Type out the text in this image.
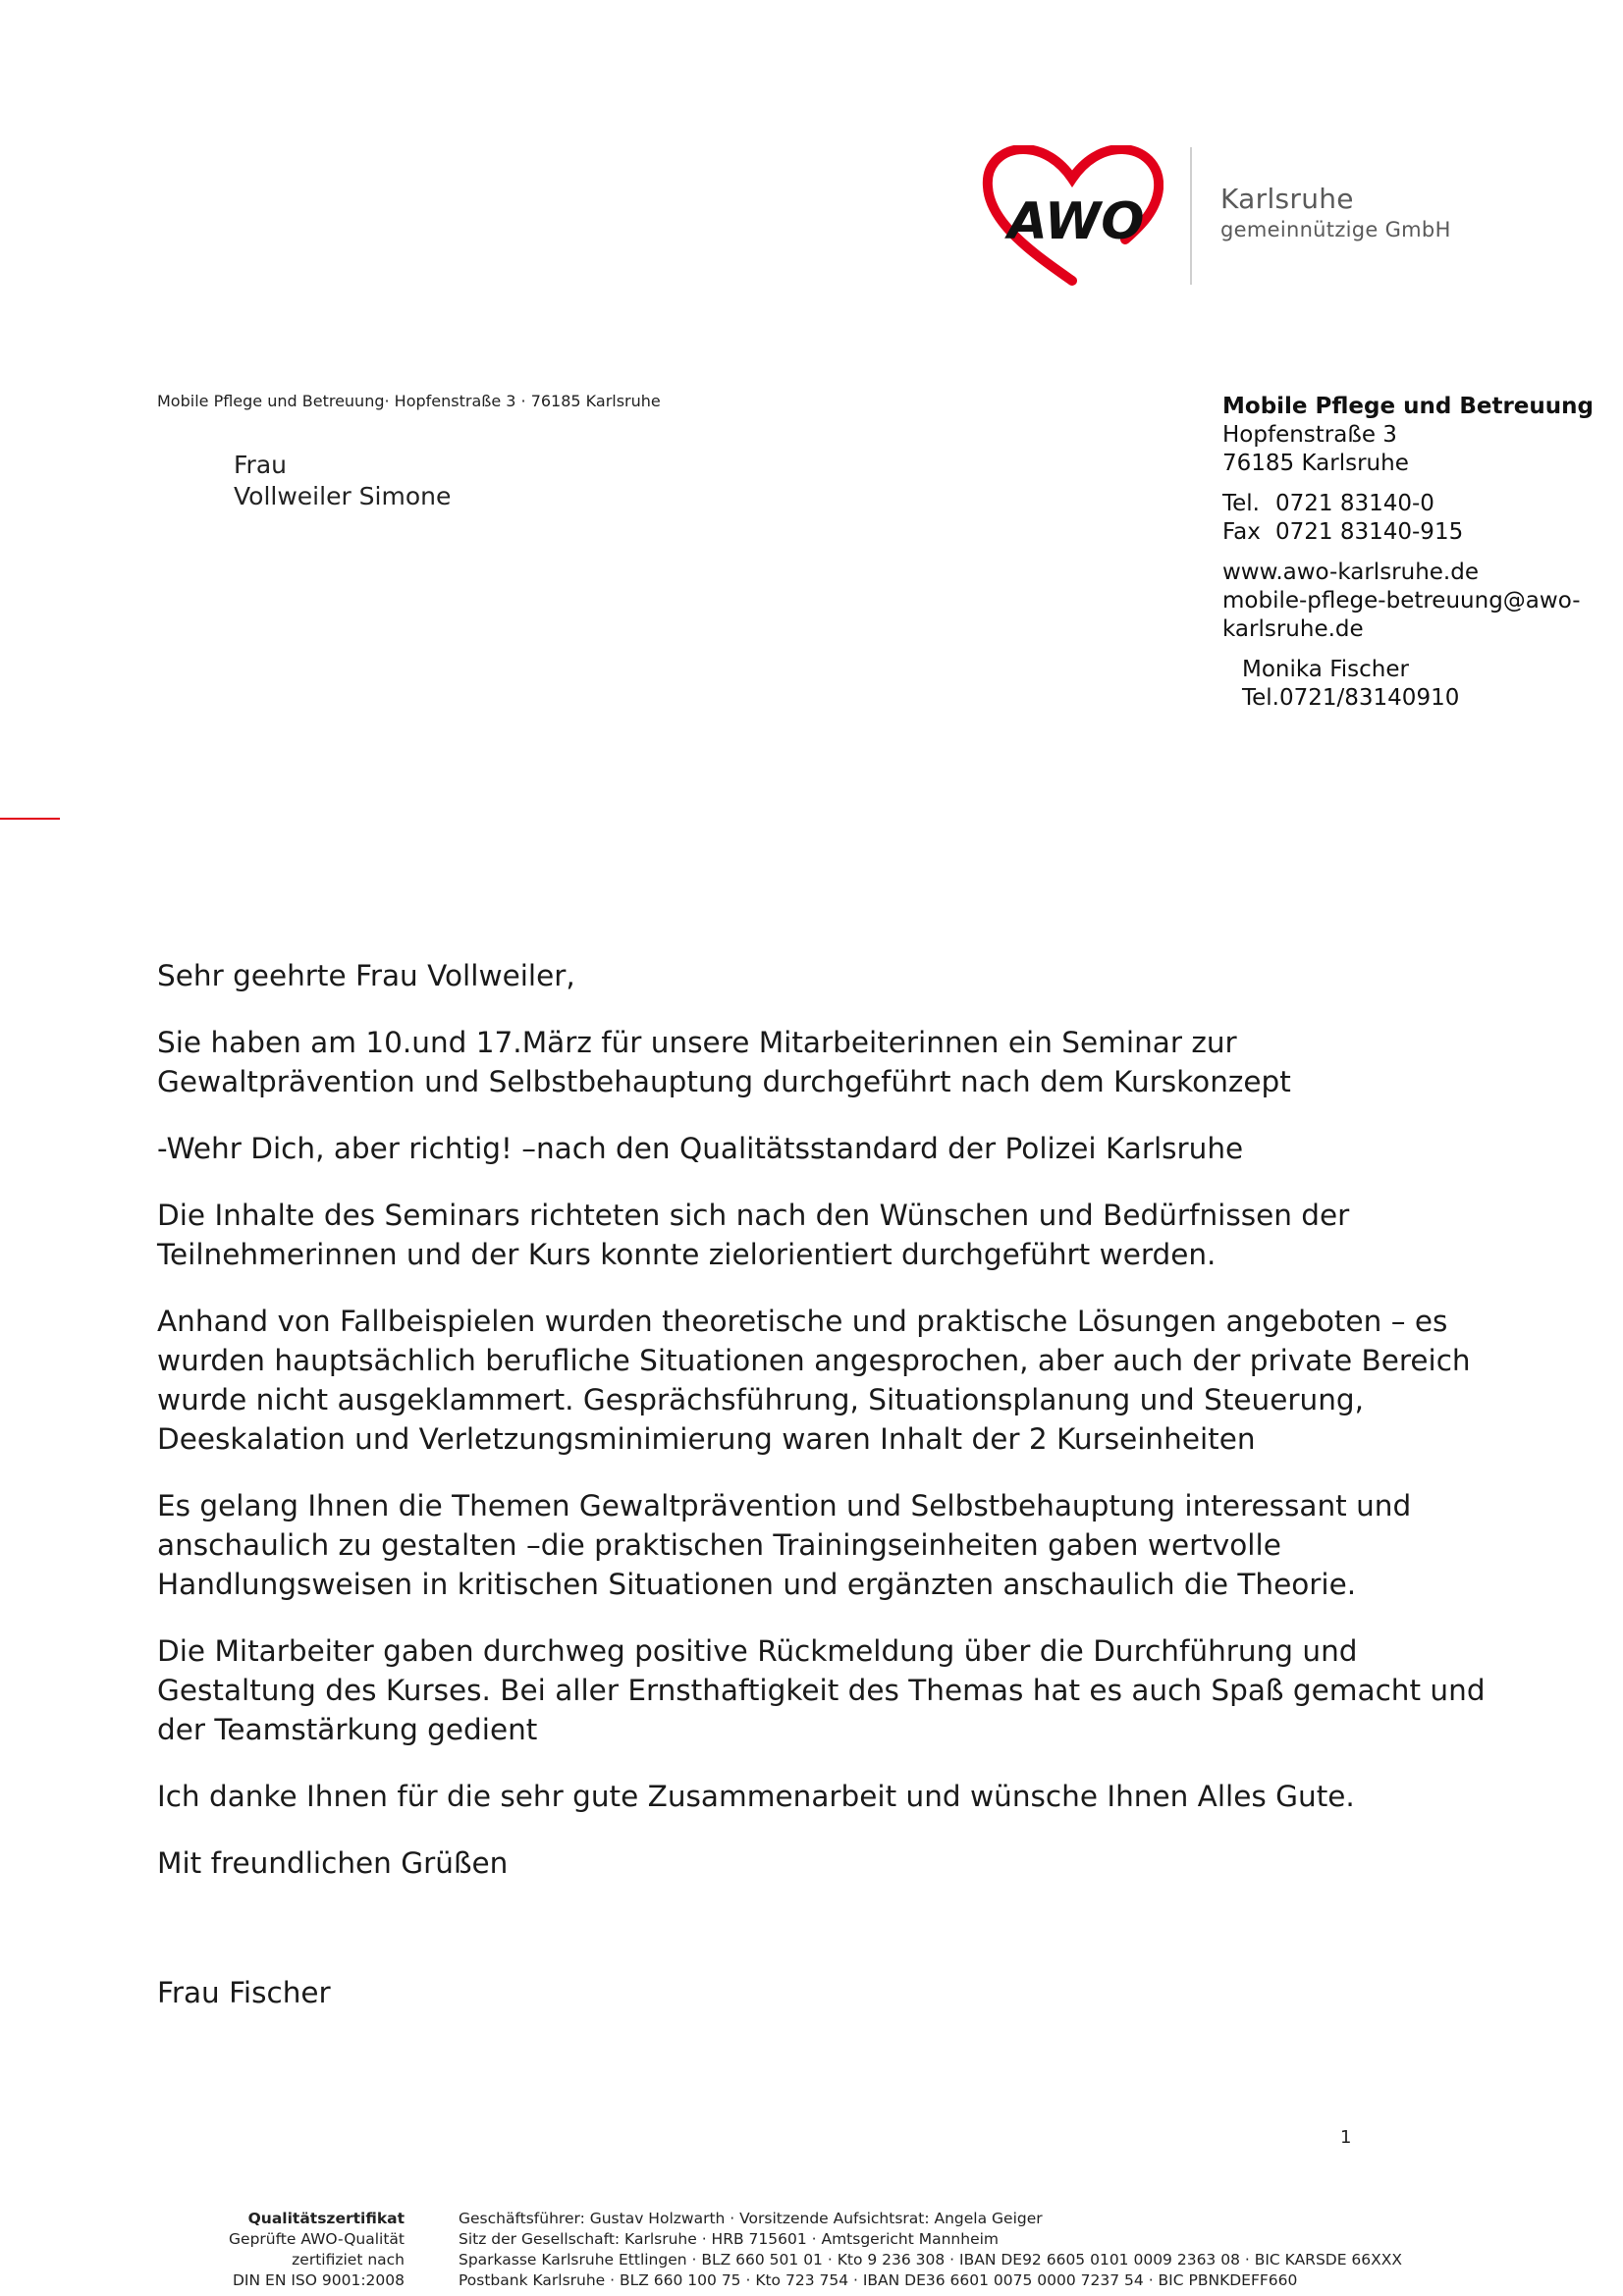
AWO	Karlsruhe
gemeinnützige GmbH
Mobile Pflege und Betreuung· Hopfenstraße 3 · 76185 Karlsruhe
Frau
Vollweiler Simone
Mobile Pflege und Betreuung
Hopfenstraße 3
76185 Karlsruhe
Tel. 0721 83140-0
Fax 0721 83140-915
www.awo-karlsruhe.de
mobile-pflege-betreuung@awo-
karlsruhe.de
Monika Fischer
Tel.0721/83140910

Sehr geehrte Frau Vollweiler,

Sie haben am 10.und 17.März für unsere Mitarbeiterinnen ein Seminar zur Gewaltprävention und Selbstbehauptung durchgeführt nach dem Kurskonzept

-Wehr Dich, aber richtig! –nach den Qualitätsstandard der Polizei Karlsruhe

Die Inhalte des Seminars richteten sich nach den Wünschen und Bedürfnissen der Teilnehmerinnen und der Kurs konnte zielorientiert durchgeführt werden.

Anhand von Fallbeispielen wurden theoretische und praktische Lösungen angeboten – es wurden hauptsächlich berufliche Situationen angesprochen, aber auch der private Bereich wurde nicht ausgeklammert. Gesprächsführung, Situationsplanung und Steuerung, Deeskalation und Verletzungsminimierung waren Inhalt der 2 Kurseinheiten

Es gelang Ihnen die Themen Gewaltprävention und Selbstbehauptung interessant und anschaulich zu gestalten –die praktischen Trainingseinheiten gaben wertvolle Handlungsweisen in kritischen Situationen und ergänzten anschaulich die Theorie.

Die Mitarbeiter gaben durchweg positive Rückmeldung über die Durchführung und Gestaltung des Kurses. Bei aller Ernsthaftigkeit des Themas hat es auch Spaß gemacht und der Teamstärkung gedient

Ich danke Ihnen für die sehr gute Zusammenarbeit und wünsche Ihnen Alles Gute.

Mit freundlichen Grüßen

Frau Fischer

1
Qualitätszertifikat
Geprüfte AWO-Qualität
zertifiziet nach
DIN EN ISO 9001:2008
Geschäftsführer: Gustav Holzwarth · Vorsitzende Aufsichtsrat: Angela Geiger
Sitz der Gesellschaft: Karlsruhe · HRB 715601 · Amtsgericht Mannheim
Sparkasse Karlsruhe Ettlingen · BLZ 660 501 01 · Kto 9 236 308 · IBAN DE92 6605 0101 0009 2363 08 · BIC KARSDE 66XXX
Postbank Karlsruhe · BLZ 660 100 75 · Kto 723 754 · IBAN DE36 6601 0075 0000 7237 54 · BIC PBNKDEFF660
